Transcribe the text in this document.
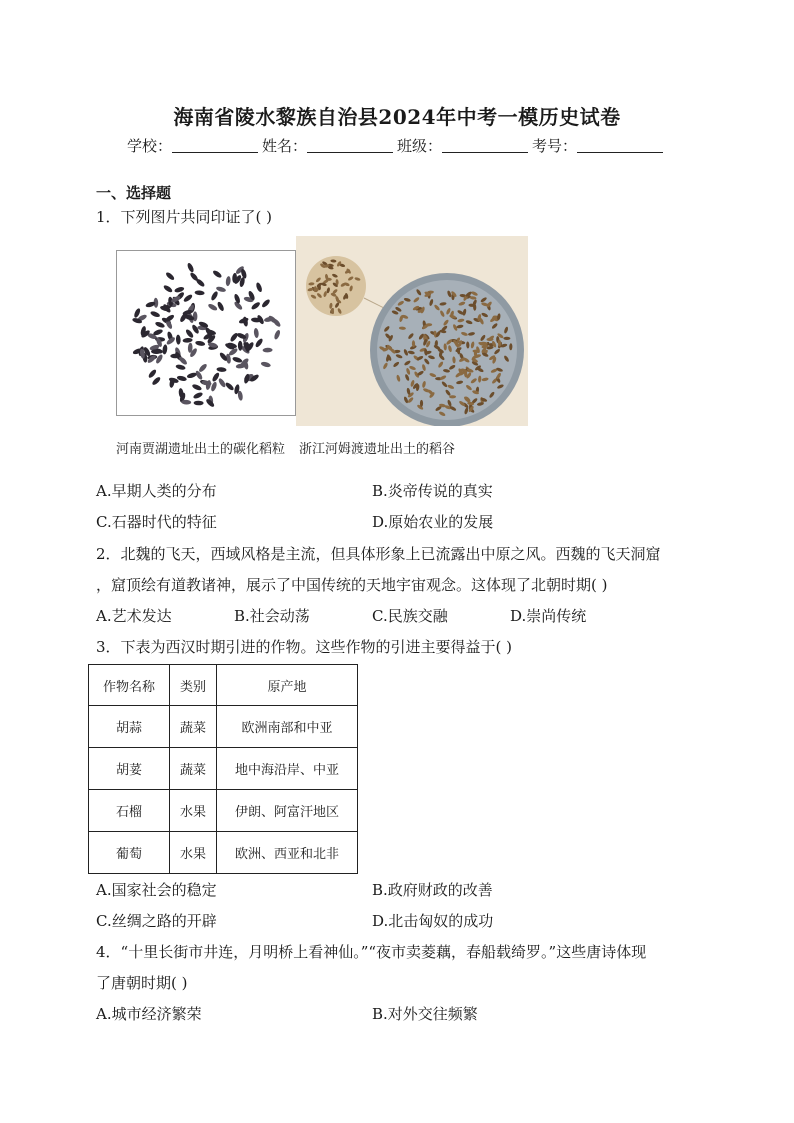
海南省陵水黎族自治县2024年中考一模历史试卷
学校：	姓名：	班级：	考号：
一、选择题
1．下列图片共同印证了( )
河南贾湖遗址出土的碳化稻粒 浙江河姆渡遗址出土的稻谷
A.早期人类的分布	B.炎帝传说的真实
C.石器时代的特征	D.原始农业的发展
2．北魏的飞天，西域风格是主流，但具体形象上已流露出中原之风。西魏的飞天洞窟
，窟顶绘有道教诸神，展示了中国传统的天地宇宙观念。这体现了北朝时期( )
A.艺术发达	B.社会动荡	C.民族交融	D.崇尚传统
3．下表为西汉时期引进的作物。这些作物的引进主要得益于( )
作物名称	类别	原产地
胡蒜	蔬菜	欧洲南部和中亚
胡荽	蔬菜	地中海沿岸、中亚
石榴	水果	伊朗、阿富汗地区
葡萄	水果	欧洲、西亚和北非
A.国家社会的稳定	B.政府财政的改善
C.丝绸之路的开辟	D.北击匈奴的成功
4．“十里长街市井连，月明桥上看神仙。”“夜市卖菱藕，春船载绮罗。”这些唐诗体现
了唐朝时期( )
A.城市经济繁荣	B.对外交往频繁
